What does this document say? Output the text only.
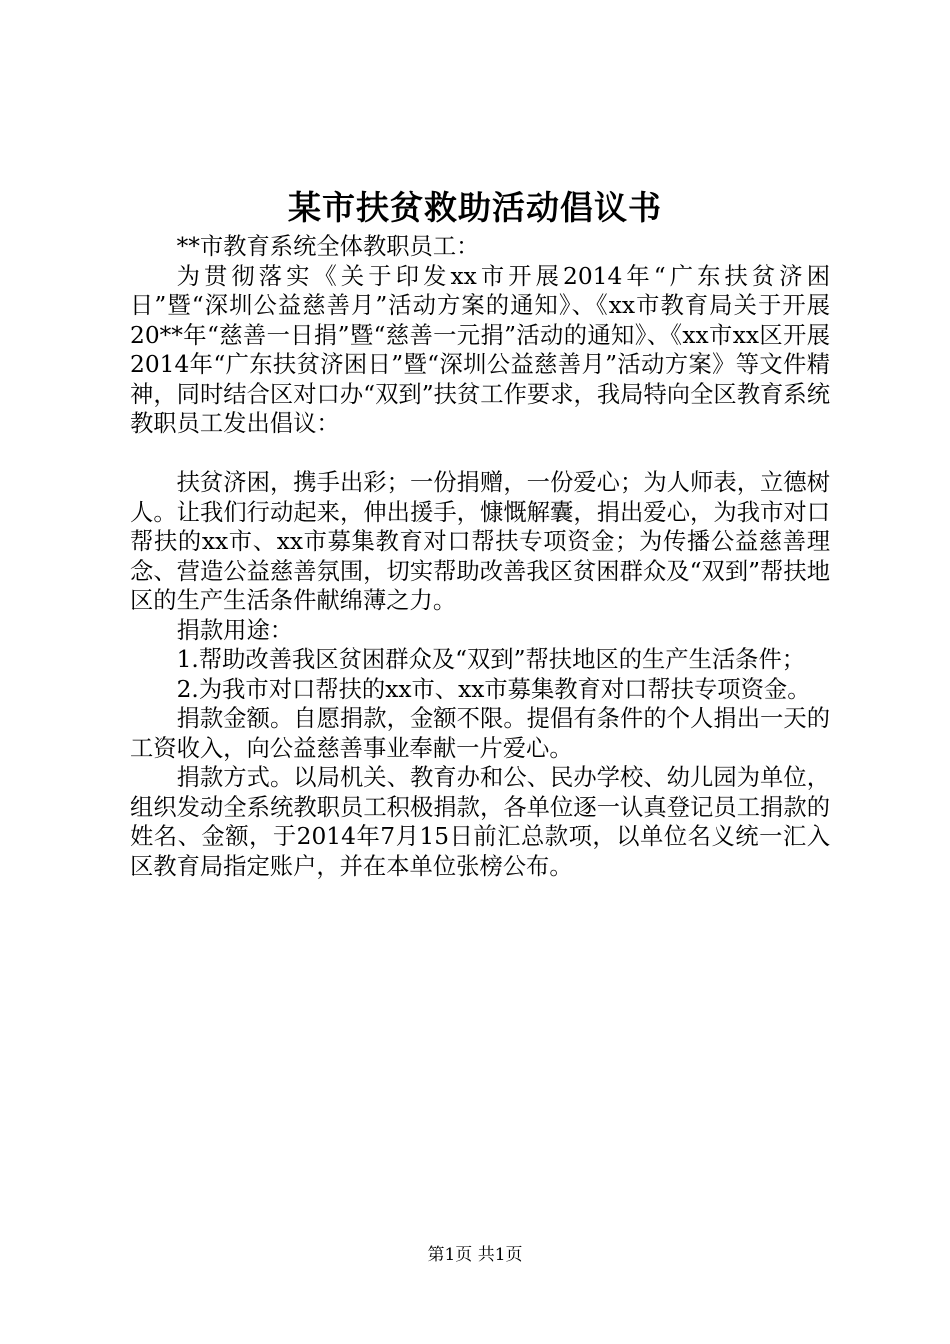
某市扶贫救助活动倡议书

**市教育系统全体教职员工：

为贯彻落实《关于印发xx市开展2014年“广东扶贫济困日”暨“深圳公益慈善月”活动方案的通知》、《xx市教育局关于开展20**年“慈善一日捐”暨“慈善一元捐”活动的通知》、《xx市xx区开展2014年“广东扶贫济困日”暨“深圳公益慈善月”活动方案》等文件精神，同时结合区对口办“双到”扶贫工作要求，我局特向全区教育系统教职员工发出倡议：

扶贫济困，携手出彩；一份捐赠，一份爱心；为人师表，立德树人。让我们行动起来，伸出援手，慷慨解囊，捐出爱心，为我市对口帮扶的xx市、xx市募集教育对口帮扶专项资金；为传播公益慈善理念、营造公益慈善氛围，切实帮助改善我区贫困群众及“双到”帮扶地区的生产生活条件献绵薄之力。

捐款用途：

1.帮助改善我区贫困群众及“双到”帮扶地区的生产生活条件；

2.为我市对口帮扶的xx市、xx市募集教育对口帮扶专项资金。

捐款金额。自愿捐款，金额不限。提倡有条件的个人捐出一天的工资收入，向公益慈善事业奉献一片爱心。

捐款方式。以局机关、教育办和公、民办学校、幼儿园为单位，组织发动全系统教职员工积极捐款，各单位逐一认真登记员工捐款的姓名、金额，于2014年7月15日前汇总款项，以单位名义统一汇入区教育局指定账户，并在本单位张榜公布。

第1页 共1页
